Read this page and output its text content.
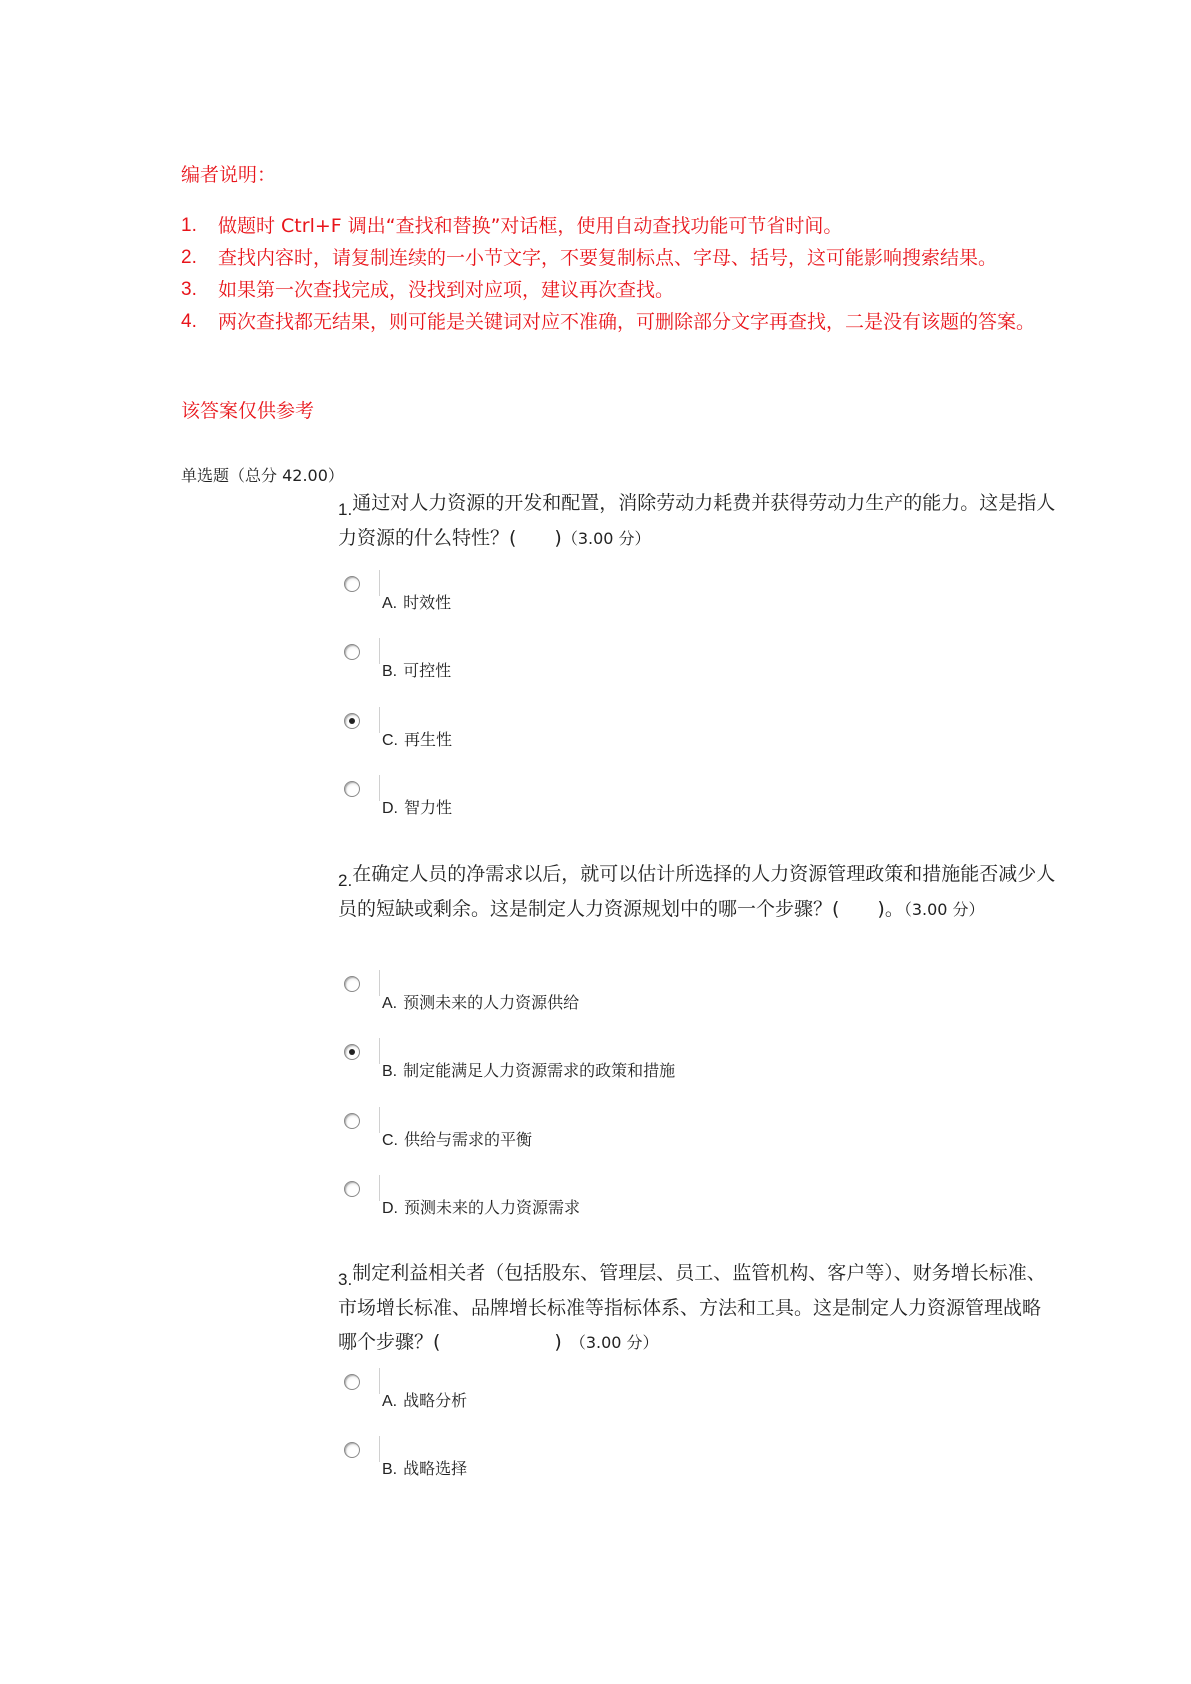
编者说明：
1. 做题时 Ctrl+F 调出“查找和替换”对话框，使用自动查找功能可节省时间。
2. 查找内容时，请复制连续的一小节文字，不要复制标点、字母、括号，这可能影响搜索结果。
3. 如果第一次查找完成，没找到对应项，建议再次查找。
4. 两次查找都无结果，则可能是关键词对应不准确，可删除部分文字再查找，二是没有该题的答案。
该答案仅供参考
单选题（总分 42.00）
1.通过对人力资源的开发和配置，消除劳动力耗费并获得劳动力生产的能力。这是指人力资源的什么特性？(　　)（3.00 分）
A. 时效性
B. 可控性
C. 再生性
D. 智力性
2.在确定人员的净需求以后，就可以估计所选择的人力资源管理政策和措施能否减少人员的短缺或剩余。这是制定人力资源规划中的哪一个步骤？(　　)。（3.00 分）
A. 预测未来的人力资源供给
B. 制定能满足人力资源需求的政策和措施
C. 供给与需求的平衡
D. 预测未来的人力资源需求
3.制定利益相关者（包括股东、管理层、员工、监管机构、客户等）、财务增长标准、市场增长标准、品牌增长标准等指标体系、方法和工具。这是制定人力资源管理战略哪个步骤？(　　　　　　)　（3.00 分）
A. 战略分析
B. 战略选择
